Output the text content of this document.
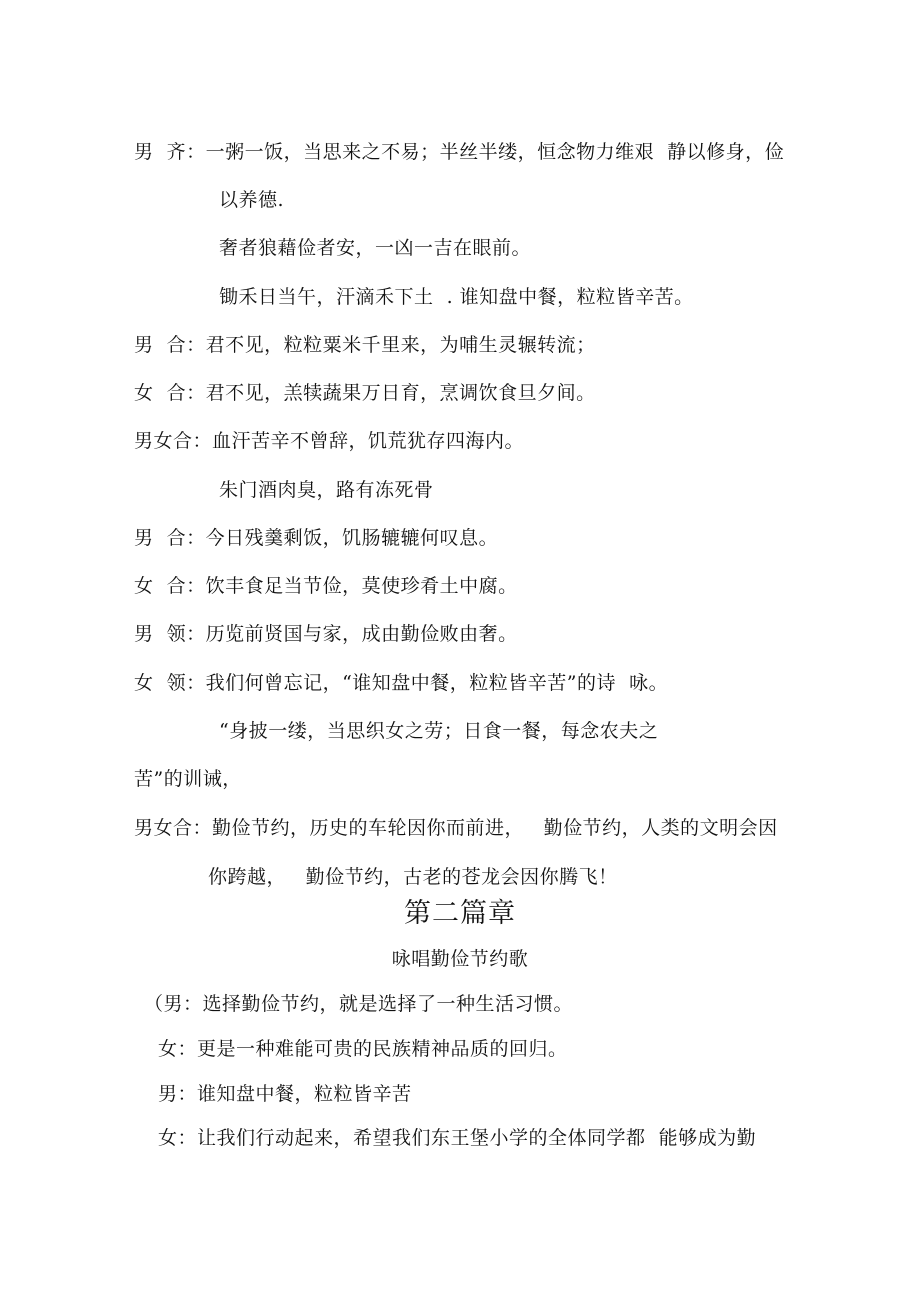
男  齐：一粥一饭，当思来之不易；半丝半缕，恒念物力维艰  静以修身，俭
以养德.
奢者狼藉俭者安，一凶一吉在眼前。
锄禾日当午，汗滴禾下土  . 谁知盘中餐，粒粒皆辛苦。
男  合：君不见，粒粒粟米千里来，为哺生灵辗转流；
女  合：君不见，羔犊蔬果万日育，烹调饮食旦夕间。
男女合：血汗苦辛不曾辞，饥荒犹存四海内。
朱门酒肉臭，路有冻死骨
男  合：今日残羹剩饭，饥肠辘辘何叹息。
女  合：饮丰食足当节俭，莫使珍肴土中腐。
男  领：历览前贤国与家，成由勤俭败由奢。
女  领：我们何曾忘记，“谁知盘中餐，粒粒皆辛苦”的诗  咏。
“身披一缕，当思织女之劳；日食一餐，每念农夫之
苦”的训诫，
男女合：勤俭节约，历史的车轮因你而前进，   勤俭节约，人类的文明会因
你跨越，   勤俭节约，古老的苍龙会因你腾飞！
第二篇章
咏唱勤俭节约歌
（男：选择勤俭节约，就是选择了一种生活习惯。
女：更是一种难能可贵的民族精神品质的回归。
男：谁知盘中餐，粒粒皆辛苦
女：让我们行动起来，希望我们东王堡小学的全体同学都  能够成为勤
